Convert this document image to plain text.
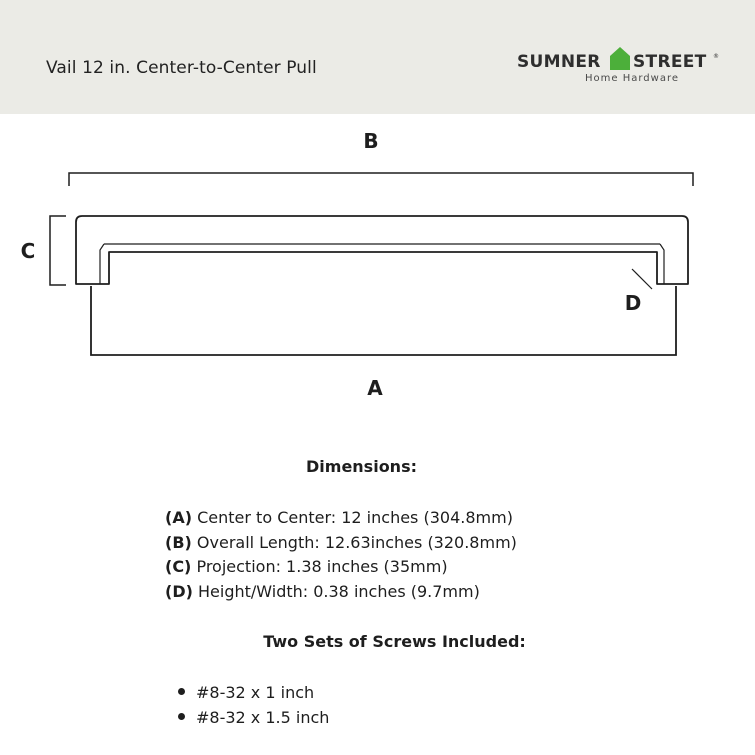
Vail 12 in. Center-to-Center Pull	SUMNER STREET ®
Home Hardware
B
C
D
A
Dimensions:
(A) Center to Center: 12 inches (304.8mm)
(B) Overall Length: 12.63inches (320.8mm)
(C) Projection: 1.38 inches (35mm)
(D) Height/Width: 0.38 inches (9.7mm)
Two Sets of Screws Included:
#8-32 x 1 inch
#8-32 x 1.5 inch
